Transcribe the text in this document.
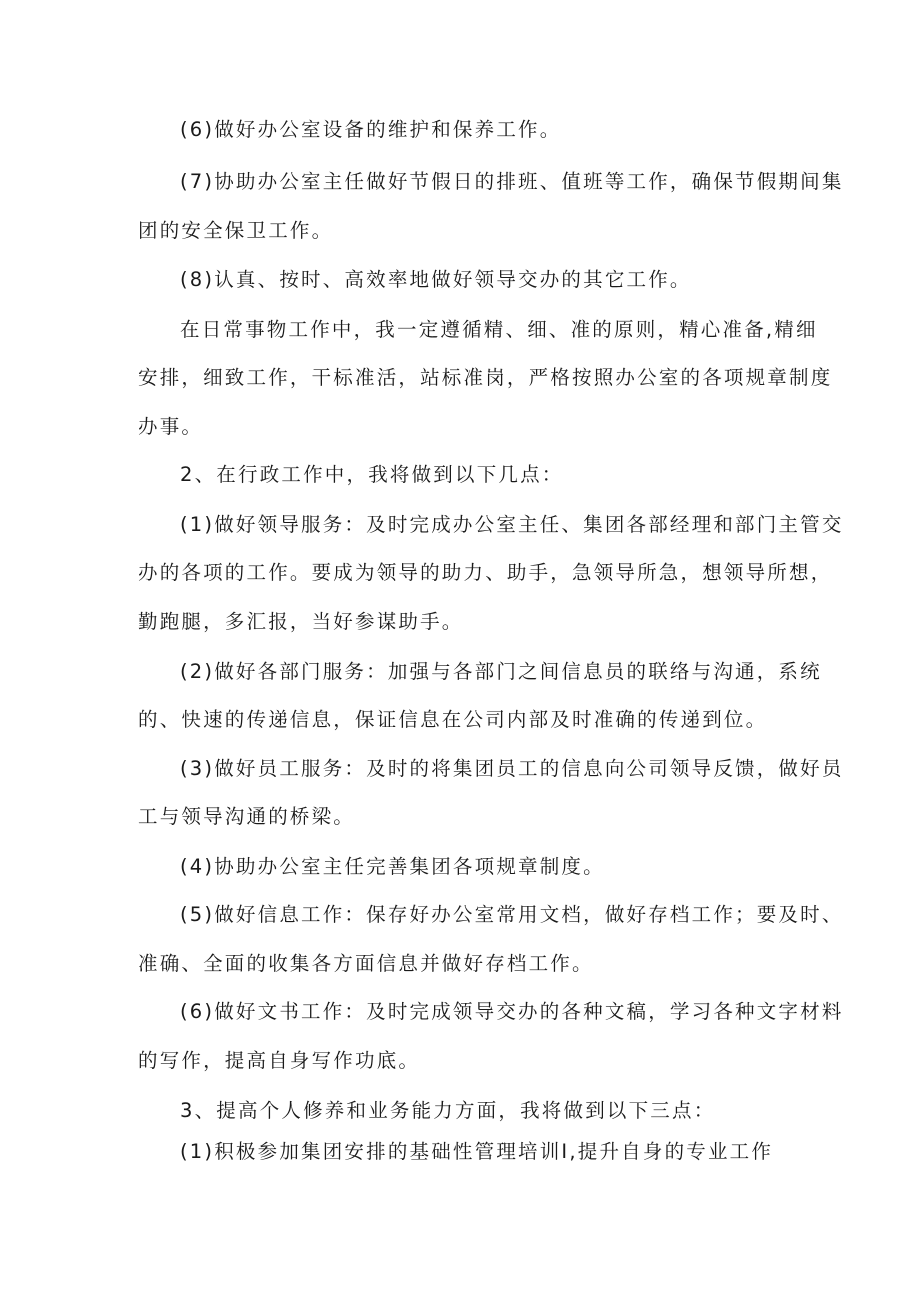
(6)做好办公室设备的维护和保养工作。
(7)协助办公室主任做好节假日的排班、值班等工作，确保节假期间集
团的安全保卫工作。
(8)认真、按时、高效率地做好领导交办的其它工作。
在日常事物工作中，我一定遵循精、细、准的原则，精心准备,精细
安排，细致工作，干标准活，站标准岗，严格按照办公室的各项规章制度
办事。
2、在行政工作中，我将做到以下几点：
(1)做好领导服务：及时完成办公室主任、集团各部经理和部门主管交
办的各项的工作。要成为领导的助力、助手，急领导所急，想领导所想，
勤跑腿，多汇报，当好参谋助手。
(2)做好各部门服务：加强与各部门之间信息员的联络与沟通，系统
的、快速的传递信息，保证信息在公司内部及时准确的传递到位。
(3)做好员工服务：及时的将集团员工的信息向公司领导反馈，做好员
工与领导沟通的桥梁。
(4)协助办公室主任完善集团各项规章制度。
(5)做好信息工作：保存好办公室常用文档，做好存档工作；要及时、
准确、全面的收集各方面信息并做好存档工作。
(6)做好文书工作：及时完成领导交办的各种文稿，学习各种文字材料
的写作，提高自身写作功底。
3、提高个人修养和业务能力方面，我将做到以下三点：
(1)积极参加集团安排的基础性管理培训I,提升自身的专业工作
